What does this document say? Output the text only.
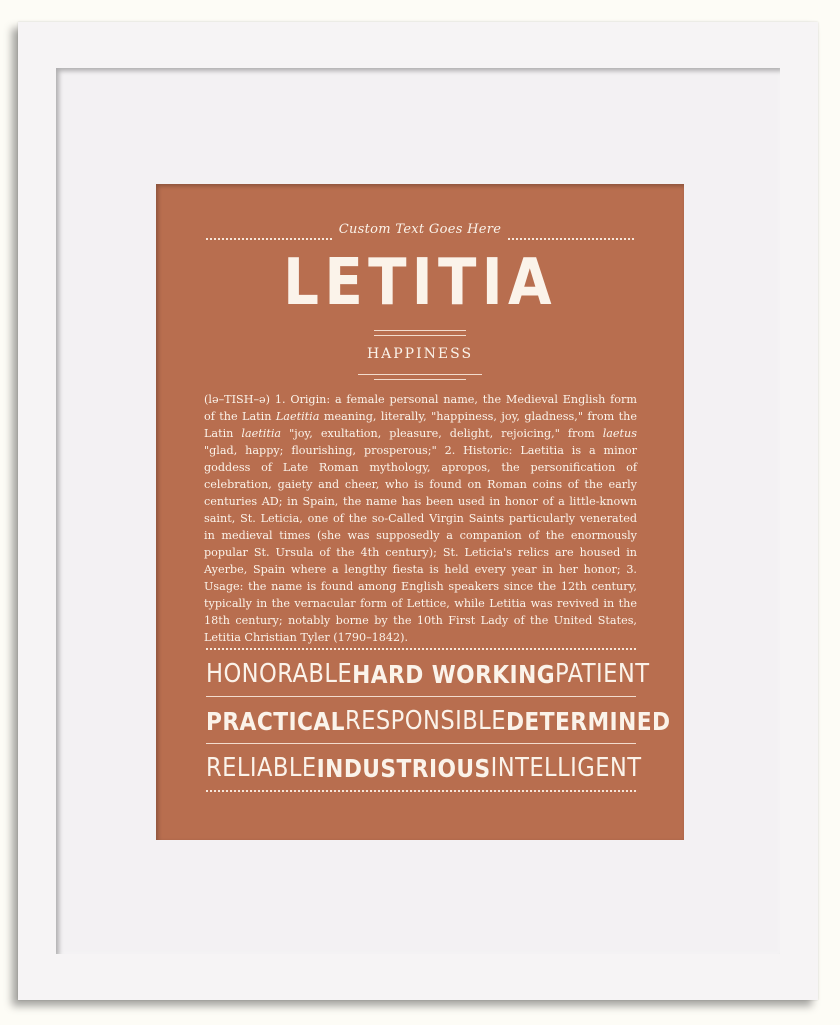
Custom Text Goes Here
LETITIA
HAPPINESS
(lə–TISH–ə) 1. Origin: a female personal name, the Medieval English form of the Latin Laetitia meaning, literally, "happiness, joy, gladness," from the Latin laetitia "joy, exultation, pleasure, delight, rejoicing," from laetus "glad, happy; flourishing, prosperous;" 2. Historic: Laetitia is a minor goddess of Late Roman mythology, apropos, the personification of celebration, gaiety and cheer, who is found on Roman coins of the early centuries AD; in Spain, the name has been used in honor of a little-known saint, St. Leticia, one of the so-Called Virgin Saints particularly venerated in medieval times (she was supposedly a companion of the enormously popular St. Ursula of the 4th century); St. Leticia's relics are housed in Ayerbe, Spain where a lengthy fiesta is held every year in her honor; 3. Usage: the name is found among English speakers since the 12th century, typically in the vernacular form of Lettice, while Letitia was revived in the 18th century; notably borne by the 10th First Lady of the United States, Letitia Christian Tyler (1790–1842).
HONORABLE HARD WORKING PATIENT
PRACTICAL RESPONSIBLE DETERMINED
RELIABLE INDUSTRIOUS INTELLIGENT
